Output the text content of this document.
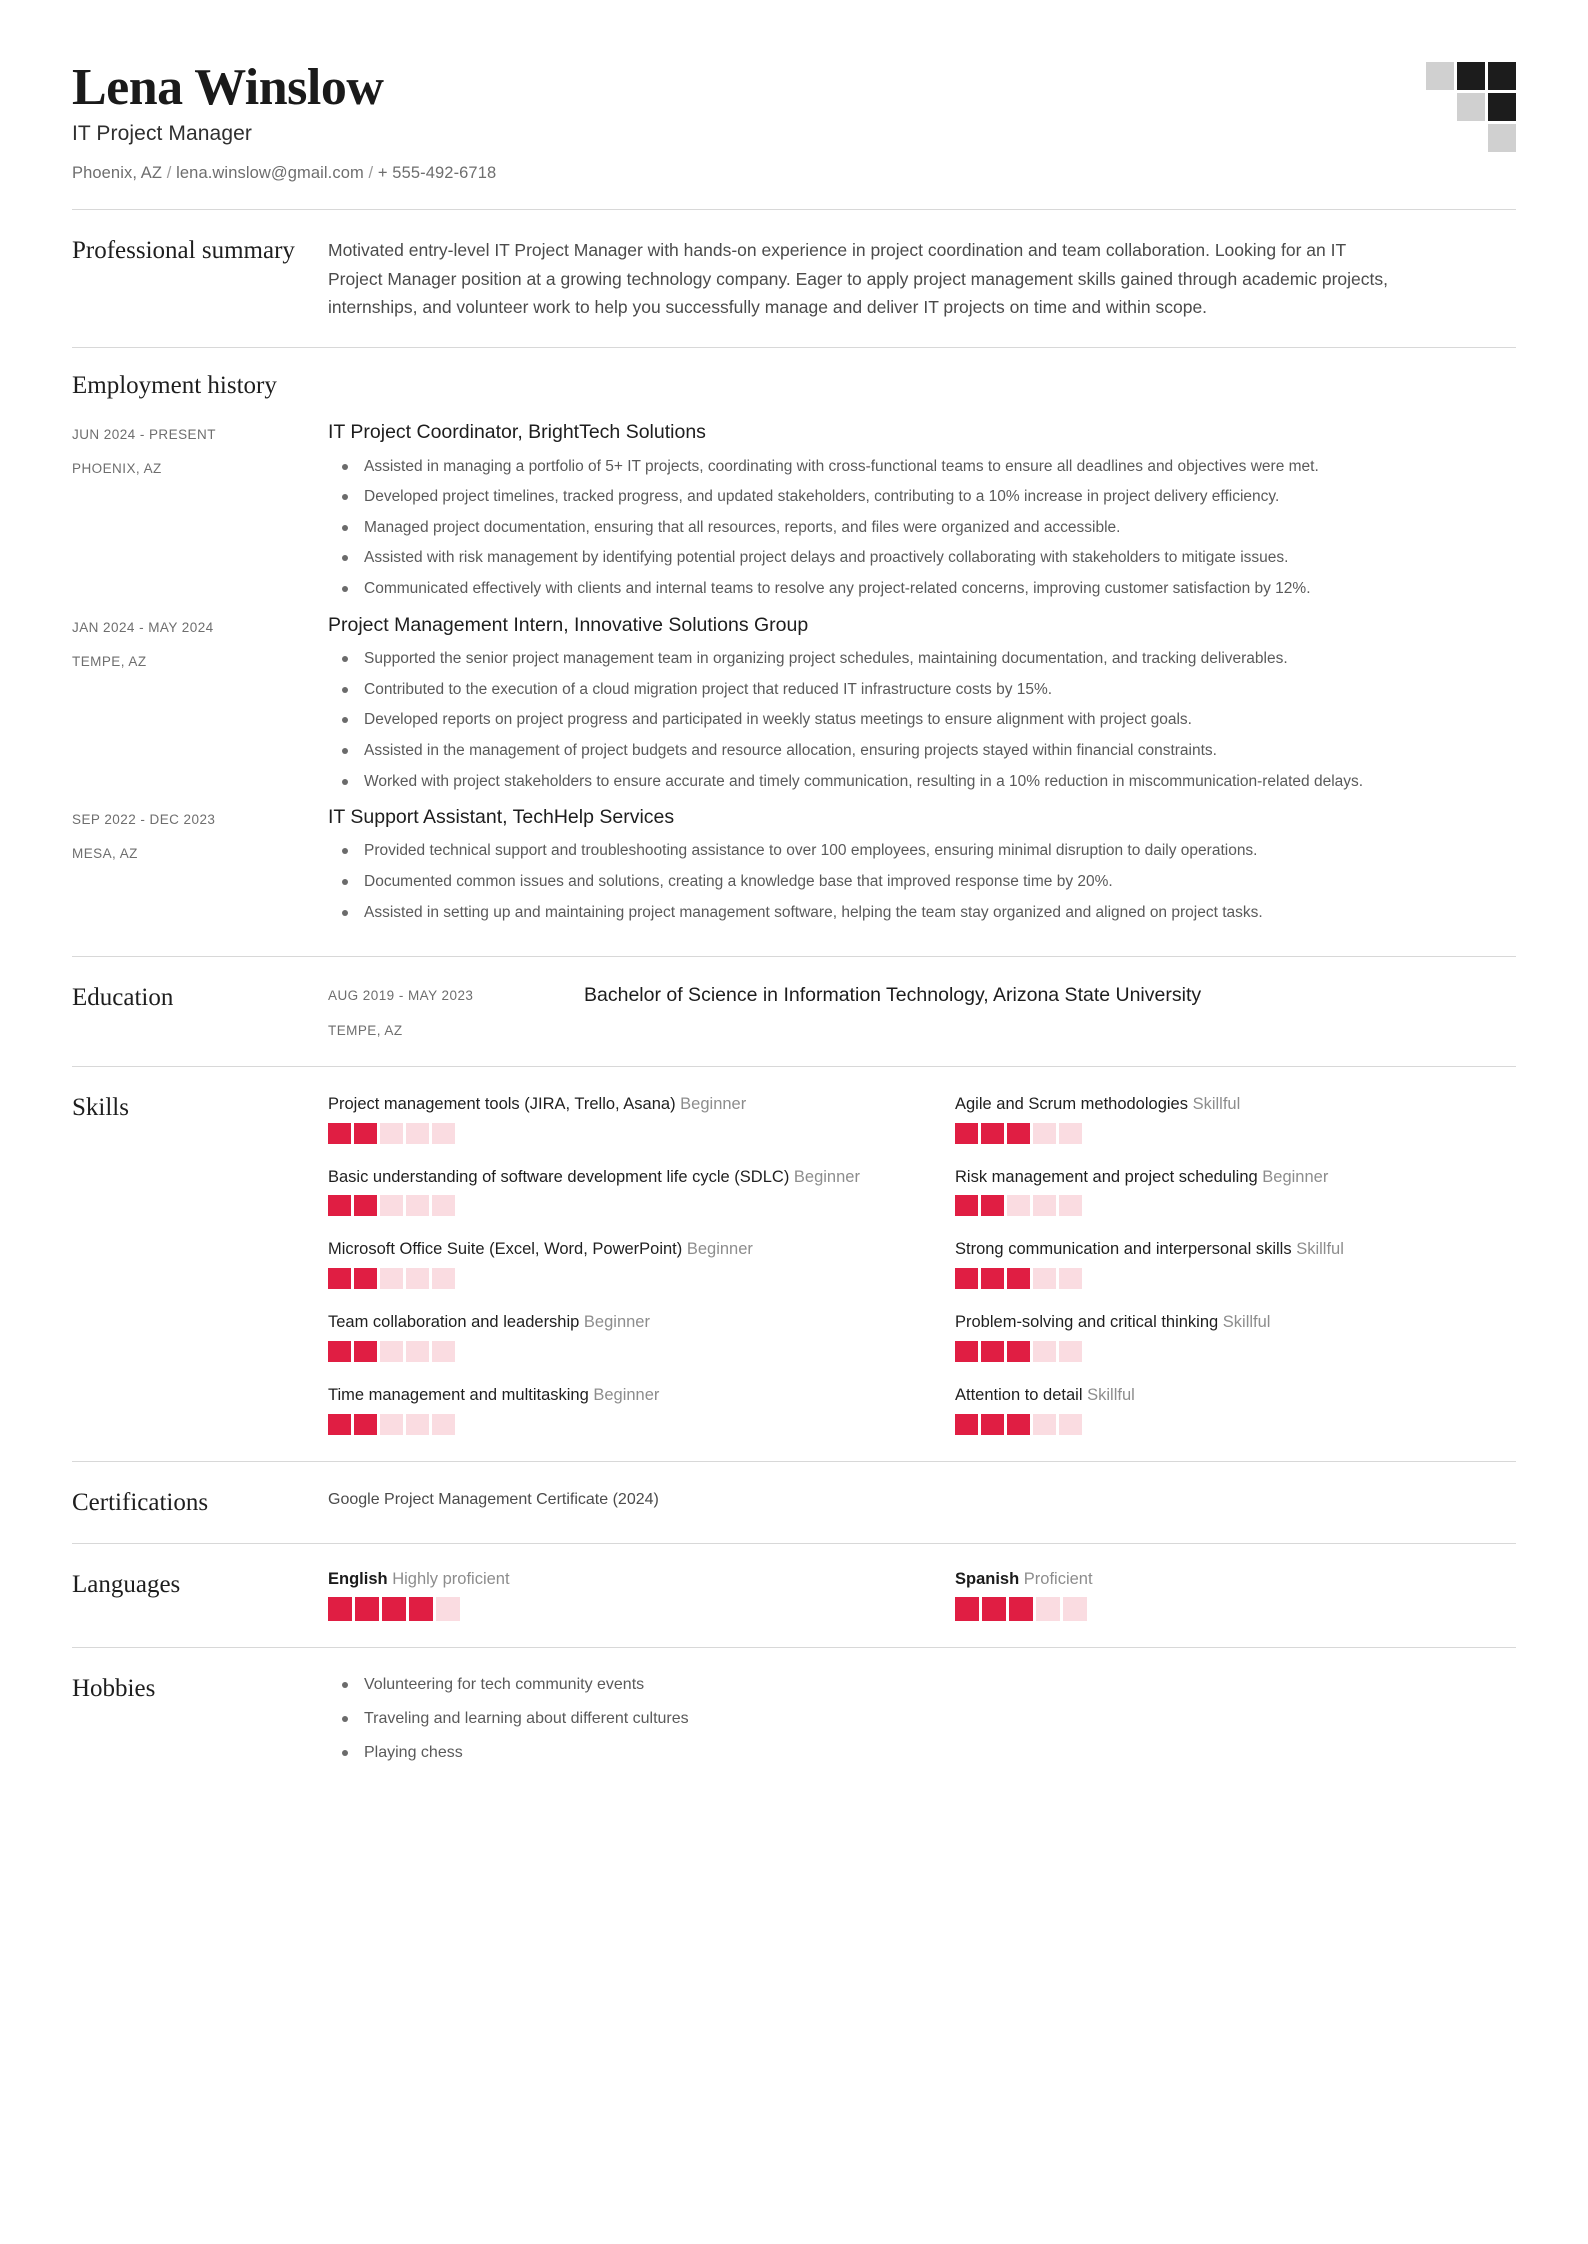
Lena Winslow
IT Project Manager
Phoenix, AZ / lena.winslow@gmail.com / + 555-492-6718
Professional summary	Motivated entry-level IT Project Manager with hands-on experience in project coordination and team collaboration. Looking for an IT Project Manager position at a growing technology company. Eager to apply project management skills gained through academic projects, internships, and volunteer work to help you successfully manage and deliver IT projects on time and within scope.
Employment history
JUN 2024 - PRESENT
PHOENIX, AZ
IT Project Coordinator, BrightTech Solutions
Assisted in managing a portfolio of 5+ IT projects, coordinating with cross-functional teams to ensure all deadlines and objectives were met.
Developed project timelines, tracked progress, and updated stakeholders, contributing to a 10% increase in project delivery efficiency.
Managed project documentation, ensuring that all resources, reports, and files were organized and accessible.
Assisted with risk management by identifying potential project delays and proactively collaborating with stakeholders to mitigate issues.
Communicated effectively with clients and internal teams to resolve any project-related concerns, improving customer satisfaction by 12%.
JAN 2024 - MAY 2024
TEMPE, AZ
Project Management Intern, Innovative Solutions Group
Supported the senior project management team in organizing project schedules, maintaining documentation, and tracking deliverables.
Contributed to the execution of a cloud migration project that reduced IT infrastructure costs by 15%.
Developed reports on project progress and participated in weekly status meetings to ensure alignment with project goals.
Assisted in the management of project budgets and resource allocation, ensuring projects stayed within financial constraints.
Worked with project stakeholders to ensure accurate and timely communication, resulting in a 10% reduction in miscommunication-related delays.
SEP 2022 - DEC 2023
MESA, AZ
IT Support Assistant, TechHelp Services
Provided technical support and troubleshooting assistance to over 100 employees, ensuring minimal disruption to daily operations.
Documented common issues and solutions, creating a knowledge base that improved response time by 20%.
Assisted in setting up and maintaining project management software, helping the team stay organized and aligned on project tasks.
Education	AUG 2019 - MAY 2023
TEMPE, AZ
Bachelor of Science in Information Technology, Arizona State University
Skills	Project management tools (JIRA, Trello, Asana) Beginner	Agile and Scrum methodologies Skillful
Basic understanding of software development life cycle (SDLC) Beginner	Risk management and project scheduling Beginner
Microsoft Office Suite (Excel, Word, PowerPoint) Beginner	Strong communication and interpersonal skills Skillful
Team collaboration and leadership Beginner	Problem-solving and critical thinking Skillful
Time management and multitasking Beginner	Attention to detail Skillful
Certifications	Google Project Management Certificate (2024)
Languages	English Highly proficient	Spanish Proficient
Hobbies	Volunteering for tech community events
Traveling and learning about different cultures
Playing chess
